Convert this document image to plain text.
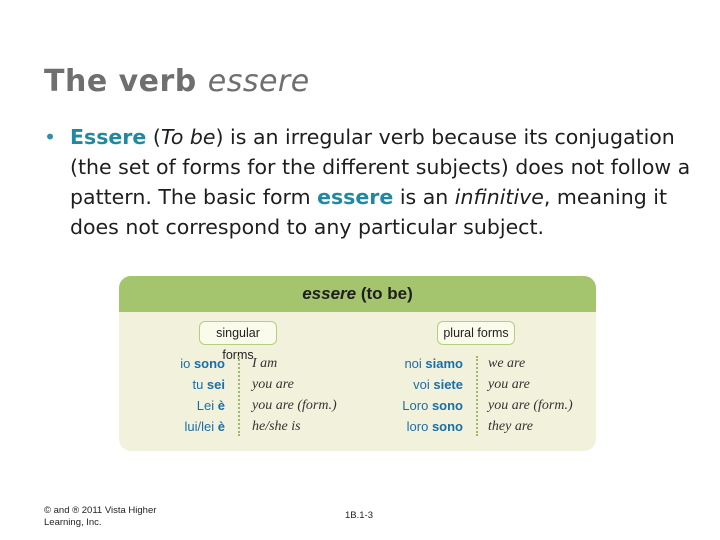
The verb essere
• Essere (To be) is an irregular verb because its conjugation (the set of forms for the different subjects) does not follow a pattern. The basic form essere is an infinitive, meaning it does not correspond to any particular subject.
essere (to be)
singular forms
plural forms
io sono I am
tu sei you are
Lei è you are (form.)
lui/lei è he/she is
noi siamo we are
voi siete you are
Loro sono you are (form.)
loro sono they are
© and ® 2011 Vista Higher Learning, Inc.
1B.1-3
